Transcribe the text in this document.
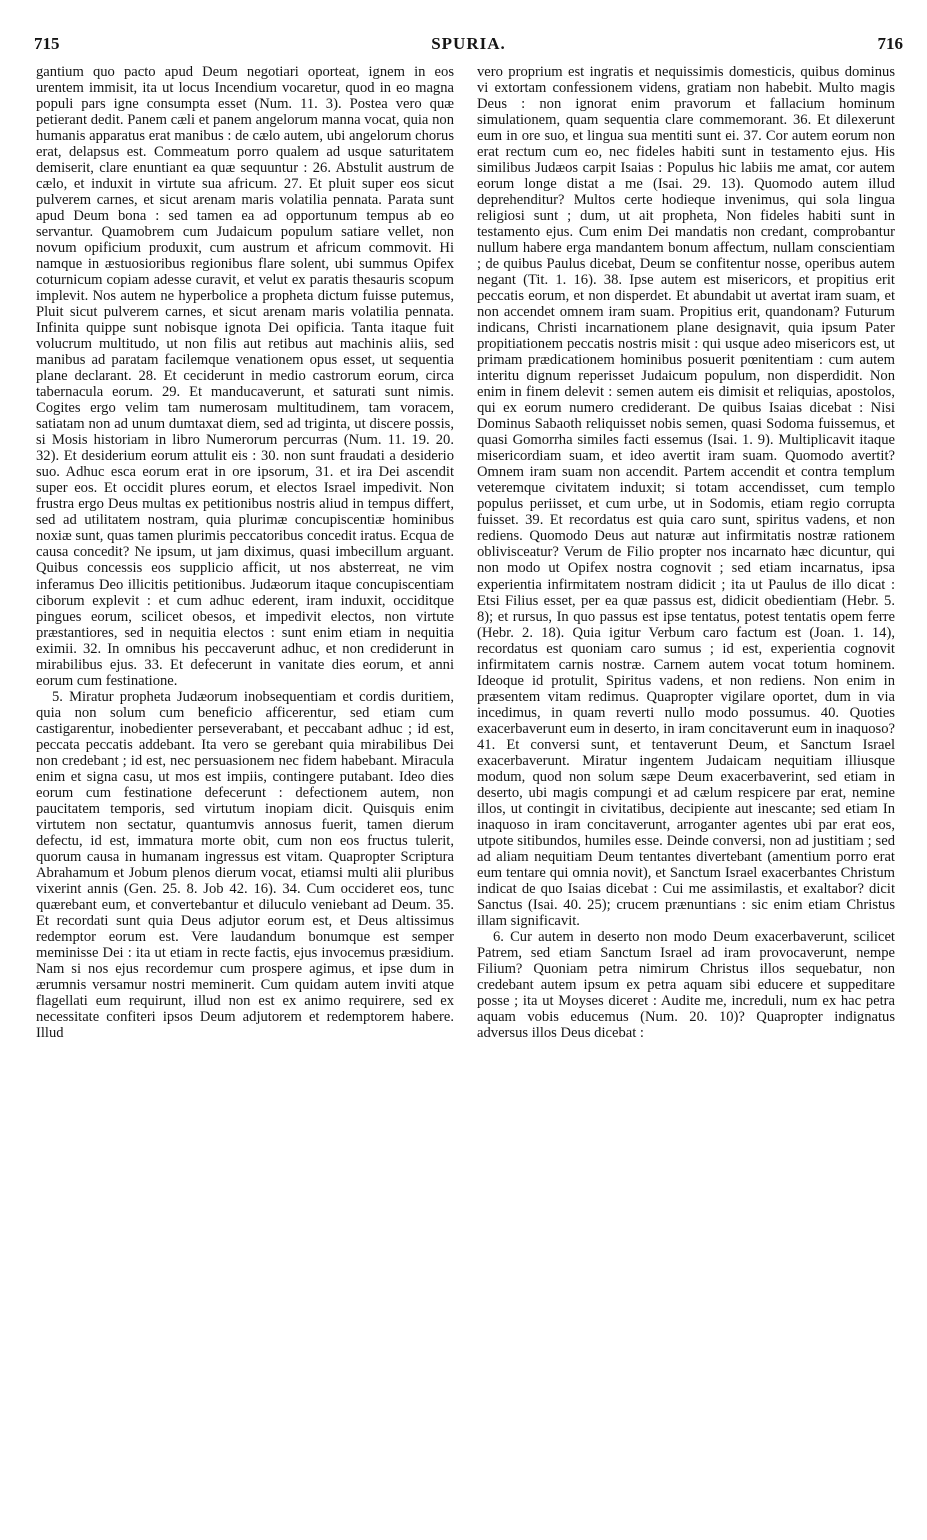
715	SPURIA.	716

gantium quo pacto apud Deum negotiari oporteat, ignem in eos urentem immisit, ita ut locus Incendium vocaretur, quod in eo magna populi pars igne consumpta esset (Num. 11. 3). Postea vero quæ petierant dedit. Panem cæli et panem angelorum manna vocat, quia non humanis apparatus erat manibus : de cælo autem, ubi angelorum chorus erat, delapsus est. Commeatum porro qualem ad usque saturitatem demiserit, clare enuntiant ea quæ sequuntur : 26. Abstulit austrum de cælo, et induxit in virtute sua africum. 27. Et pluit super eos sicut pulverem carnes, et sicut arenam maris volatilia pennata. Parata sunt apud Deum bona : sed tamen ea ad opportunum tempus ab eo servantur. Quamobrem cum Judaicum populum satiare vellet, non novum opificium produxit, cum austrum et africum commovit. Hi namque in æstuosioribus regionibus flare solent, ubi summus Opifex coturnicum copiam adesse curavit, et velut ex paratis thesauris scopum implevit. Nos autem ne hyperbolice a propheta dictum fuisse putemus, Pluit sicut pulverem carnes, et sicut arenam maris volatilia pennata. Infinita quippe sunt nobisque ignota Dei opificia. Tanta itaque fuit volucrum multitudo, ut non filis aut retibus aut machinis aliis, sed manibus ad paratam facilemque venationem opus esset, ut sequentia plane declarant. 28. Et ceciderunt in medio castrorum eorum, circa tabernacula eorum. 29. Et manducaverunt, et saturati sunt nimis. Cogites ergo velim tam numerosam multitudinem, tam voracem, satiatam non ad unum dumtaxat diem, sed ad triginta, ut discere possis, si Mosis historiam in libro Numerorum percurras (Num. 11. 19. 20. 32). Et desiderium eorum attulit eis : 30. non sunt fraudati a desiderio suo. Adhuc esca eorum erat in ore ipsorum, 31. et ira Dei ascendit super eos. Et occidit plures eorum, et electos Israel impedivit. Non frustra ergo Deus multas ex petitionibus nostris aliud in tempus differt, sed ad utilitatem nostram, quia plurimæ concupiscentiæ hominibus noxiæ sunt, quas tamen plurimis peccatoribus concedit iratus. Ecqua de causa concedit? Ne ipsum, ut jam diximus, quasi imbecillum arguant. Quibus concessis eos supplicio afficit, ut nos absterreat, ne vim inferamus Deo illicitis petitionibus. Judæorum itaque concupiscentiam ciborum explevit : et cum adhuc ederent, iram induxit, occiditque pingues eorum, scilicet obesos, et impedivit electos, non virtute præstantiores, sed in nequitia electos : sunt enim etiam in nequitia eximii. 32. In omnibus his peccaverunt adhuc, et non crediderunt in mirabilibus ejus. 33. Et defecerunt in vanitate dies eorum, et anni eorum cum festinatione.

5. Miratur propheta Judæorum inobsequentiam et cordis duritiem, quia non solum cum beneficio afficerentur, sed etiam cum castigarentur, inobedienter perseverabant, et peccabant adhuc ; id est, peccata peccatis addebant. Ita vero se gerebant quia mirabilibus Dei non credebant ; id est, nec persuasionem nec fidem habebant. Miracula enim et signa casu, ut mos est impiis, contingere putabant. Ideo dies eorum cum festinatione defecerunt : defectionem autem, non paucitatem temporis, sed virtutum inopiam dicit. Quisquis enim virtutem non sectatur, quantumvis annosus fuerit, tamen dierum defectu, id est, immatura morte obit, cum non eos fructus tulerit, quorum causa in humanam ingressus est vitam. Quapropter Scriptura Abrahamum et Jobum plenos dierum vocat, etiamsi multi alii pluribus vixerint annis (Gen. 25. 8. Job 42. 16). 34. Cum occideret eos, tunc quærebant eum, et convertebantur et diluculo veniebant ad Deum. 35. Et recordati sunt quia Deus adjutor eorum est, et Deus altissimus redemptor eorum est. Vere laudandum bonumque est semper meminisse Dei : ita ut etiam in recte factis, ejus invocemus præsidium. Nam si nos ejus recordemur cum prospere agimus, et ipse dum in ærumnis versamur nostri meminerit. Cum quidam autem inviti atque flagellati eum requirunt, illud non est ex animo requirere, sed ex necessitate confiteri ipsos Deum adjutorem et redemptorem habere. Illud

vero proprium est ingratis et nequissimis domesticis, quibus dominus vi extortam confessionem videns, gratiam non habebit. Multo magis Deus : non ignorat enim pravorum et fallacium hominum simulationem, quam sequentia clare commemorant. 36. Et dilexerunt eum in ore suo, et lingua sua mentiti sunt ei. 37. Cor autem eorum non erat rectum cum eo, nec fideles habiti sunt in testamento ejus. His similibus Judæos carpit Isaias : Populus hic labiis me amat, cor autem eorum longe distat a me (Isai. 29. 13). Quomodo autem illud deprehenditur? Multos certe hodieque invenimus, qui sola lingua religiosi sunt ; dum, ut ait propheta, Non fideles habiti sunt in testamento ejus. Cum enim Dei mandatis non credant, comprobantur nullum habere erga mandantem bonum affectum, nullam conscientiam ; de quibus Paulus dicebat, Deum se confitentur nosse, operibus autem negant (Tit. 1. 16). 38. Ipse autem est misericors, et propitius erit peccatis eorum, et non disperdet. Et abundabit ut avertat iram suam, et non accendet omnem iram suam. Propitius erit, quandonam? Futurum indicans, Christi incarnationem plane designavit, quia ipsum Pater propitiationem peccatis nostris misit : qui usque adeo misericors est, ut primam prædicationem hominibus posuerit pœnitentiam : cum autem interitu dignum reperisset Judaicum populum, non disperdidit. Non enim in finem delevit : semen autem eis dimisit et reliquias, apostolos, qui ex eorum numero crediderant. De quibus Isaias dicebat : Nisi Dominus Sabaoth reliquisset nobis semen, quasi Sodoma fuissemus, et quasi Gomorrha similes facti essemus (Isai. 1. 9). Multiplicavit itaque misericordiam suam, et ideo avertit iram suam. Quomodo avertit? Omnem iram suam non accendit. Partem accendit et contra templum veteremque civitatem induxit; si totam accendisset, cum templo populus periisset, et cum urbe, ut in Sodomis, etiam regio corrupta fuisset. 39. Et recordatus est quia caro sunt, spiritus vadens, et non rediens. Quomodo Deus aut naturæ aut infirmitatis nostræ rationem oblivisceatur? Verum de Filio propter nos incarnato hæc dicuntur, qui non modo ut Opifex nostra cognovit ; sed etiam incarnatus, ipsa experientia infirmitatem nostram didicit ; ita ut Paulus de illo dicat : Etsi Filius esset, per ea quæ passus est, didicit obedientiam (Hebr. 5. 8); et rursus, In quo passus est ipse tentatus, potest tentatis opem ferre (Hebr. 2. 18). Quia igitur Verbum caro factum est (Joan. 1. 14), recordatus est quoniam caro sumus ; id est, experientia cognovit infirmitatem carnis nostræ. Carnem autem vocat totum hominem. Ideoque id protulit, Spiritus vadens, et non rediens. Non enim in præsentem vitam redimus. Quapropter vigilare oportet, dum in via incedimus, in quam reverti nullo modo possumus. 40. Quoties exacerbaverunt eum in deserto, in iram concitaverunt eum in inaquoso? 41. Et conversi sunt, et tentaverunt Deum, et Sanctum Israel exacerbaverunt. Miratur ingentem Judaicam nequitiam illiusque modum, quod non solum sæpe Deum exacerbaverint, sed etiam in deserto, ubi magis compungi et ad cælum respicere par erat, nemine illos, ut contingit in civitatibus, decipiente aut inescante; sed etiam In inaquoso in iram concitaverunt, arroganter agentes ubi par erat eos, utpote sitibundos, humiles esse. Deinde conversi, non ad justitiam ; sed ad aliam nequitiam Deum tentantes divertebant (amentium porro erat eum tentare qui omnia novit), et Sanctum Israel exacerbantes Christum indicat de quo Isaias dicebat : Cui me assimilastis, et exaltabor? dicit Sanctus (Isai. 40. 25); crucem prænuntians : sic enim etiam Christus illam significavit.

6. Cur autem in deserto non modo Deum exacerbaverunt, scilicet Patrem, sed etiam Sanctum Israel ad iram provocaverunt, nempe Filium? Quoniam petra nimirum Christus illos sequebatur, non credebant autem ipsum ex petra aquam sibi educere et suppeditare posse ; ita ut Moyses diceret : Audite me, increduli, num ex hac petra aquam vobis educemus (Num. 20. 10)? Quapropter indignatus adversus illos Deus dicebat :
